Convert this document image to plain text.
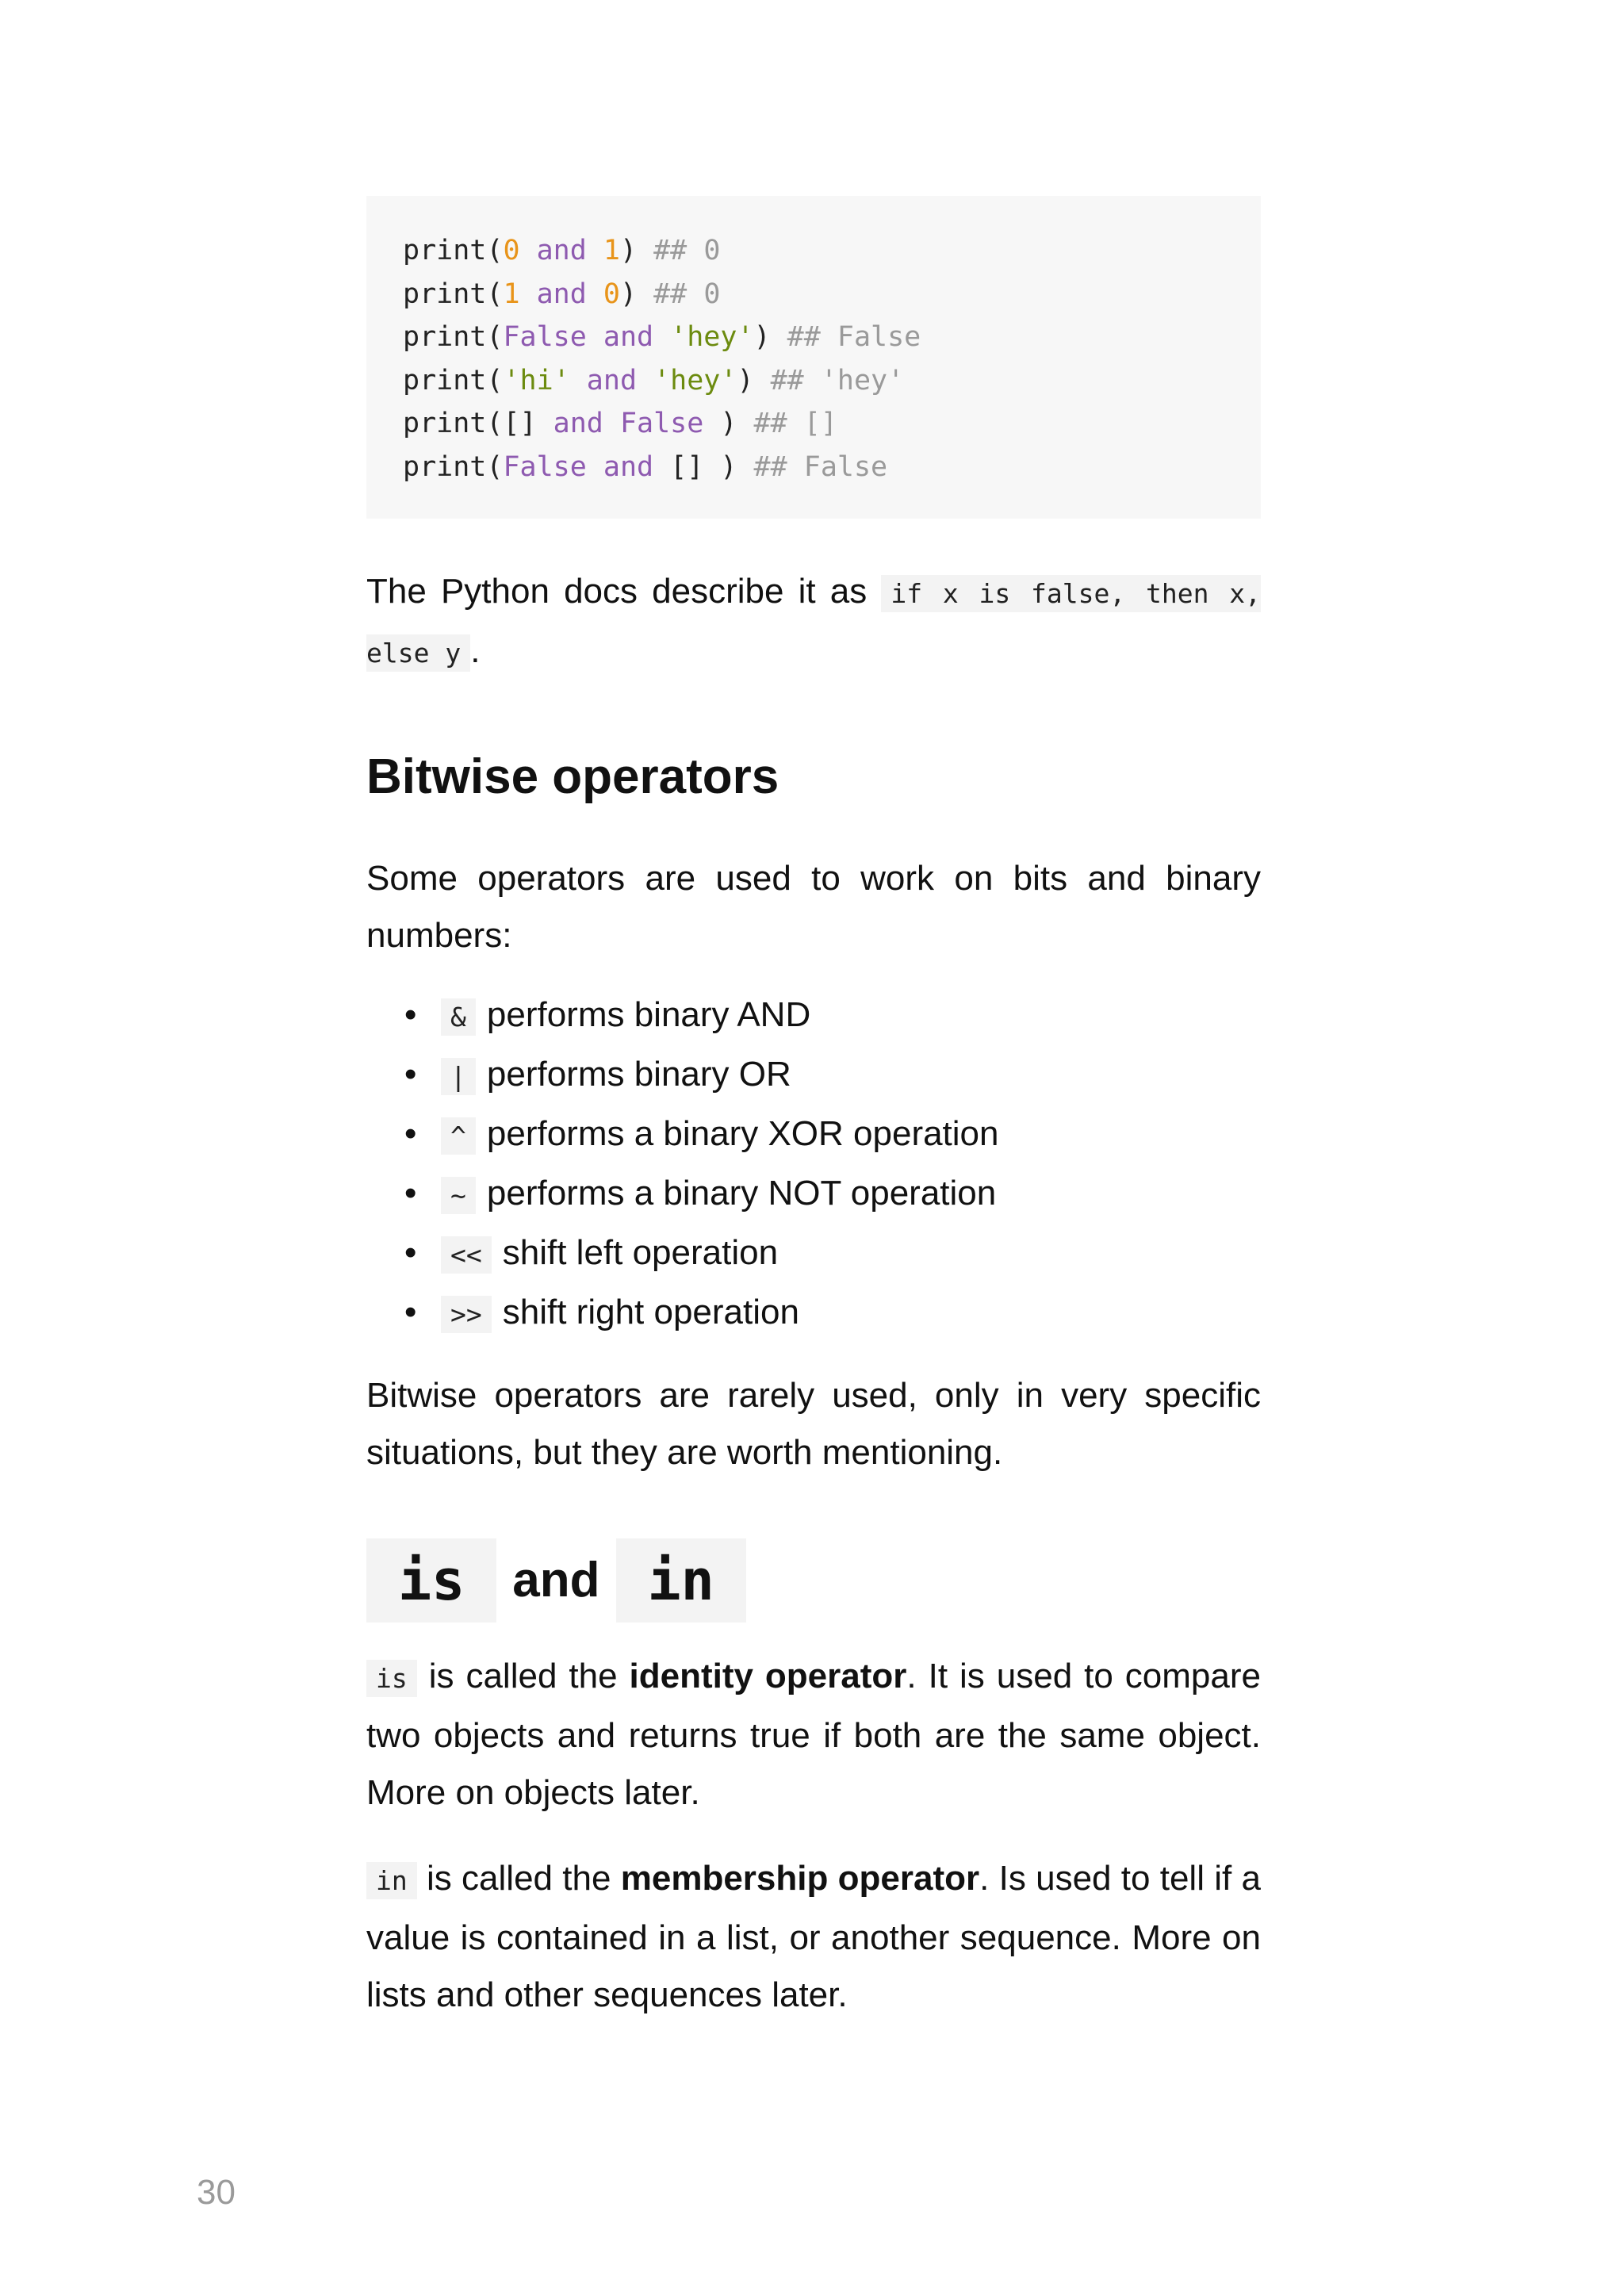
print(0 and 1) ## 0
print(1 and 0) ## 0
print(False and 'hey') ## False
print('hi' and 'hey') ## 'hey'
print([] and False ) ## []
print(False and [] ) ## False

The Python docs describe it as if x is false, then x, else y .

Bitwise operators

Some operators are used to work on bits and binary numbers:

• & performs binary AND
• | performs binary OR
• ^ performs a binary XOR operation
• ~ performs a binary NOT operation
• << shift left operation
• >> shift right operation

Bitwise operators are rarely used, only in very specific situations, but they are worth mentioning.

is and in

is is called the identity operator. It is used to compare two objects and returns true if both are the same object. More on objects later.

in is called the membership operator. Is used to tell if a value is contained in a list, or another sequence. More on lists and other sequences later.

30
